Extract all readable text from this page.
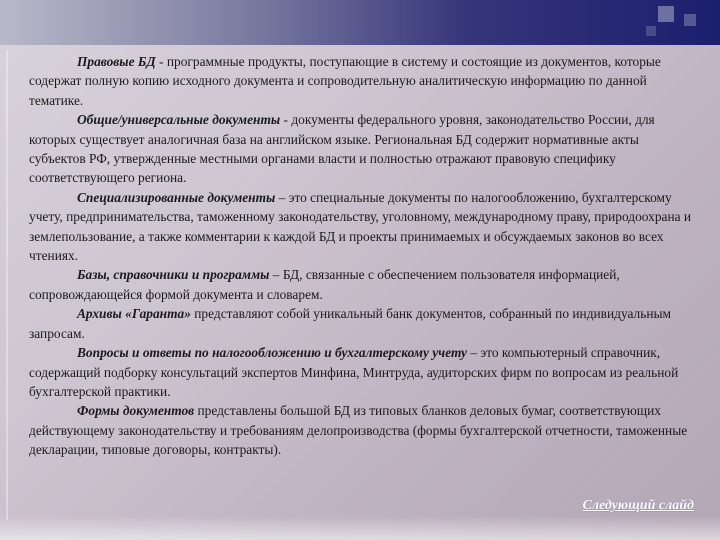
Правовые БД - программные продукты, поступающие в систему и состоящие из документов, которые содержат полную копию исходного документа и сопроводительную аналитическую информацию по данной тематике.

Общие/универсальные документы - документы федерального уровня, законодательство России, для которых существует аналогичная база на английском языке. Региональная БД содержит нормативные акты субъектов РФ, утвержденные местными органами власти и полностью отражают правовую специфику соответствующего региона.

Специализированные документы – это специальные документы по налогообложению, бухгалтерскому учету, предпринимательства, таможенному законодательству, уголовному, международному праву, природоохрана и землепользование, а также комментарии к каждой БД и проекты принимаемых и обсуждаемых законов во всех чтениях.

Базы, справочники и программы – БД, связанные с обеспечением пользователя информацией, сопровождающейся формой документа и словарем.

Архивы «Гаранта» представляют собой уникальный банк документов, собранный по индивидуальным запросам.

Вопросы и ответы по налогообложению и бухгалтерскому учету – это компьютерный справочник, содержащий подборку консультаций экспертов Минфина, Минтруда, аудиторских фирм по вопросам из реальной бухгалтерской практики.

Формы документов представлены большой БД из типовых бланков деловых бумаг, соответствующих действующему законодательству и требованиям делопроизводства (формы бухгалтерской отчетности, таможенные декларации, типовые договоры, контракты).

Следующий слайд
